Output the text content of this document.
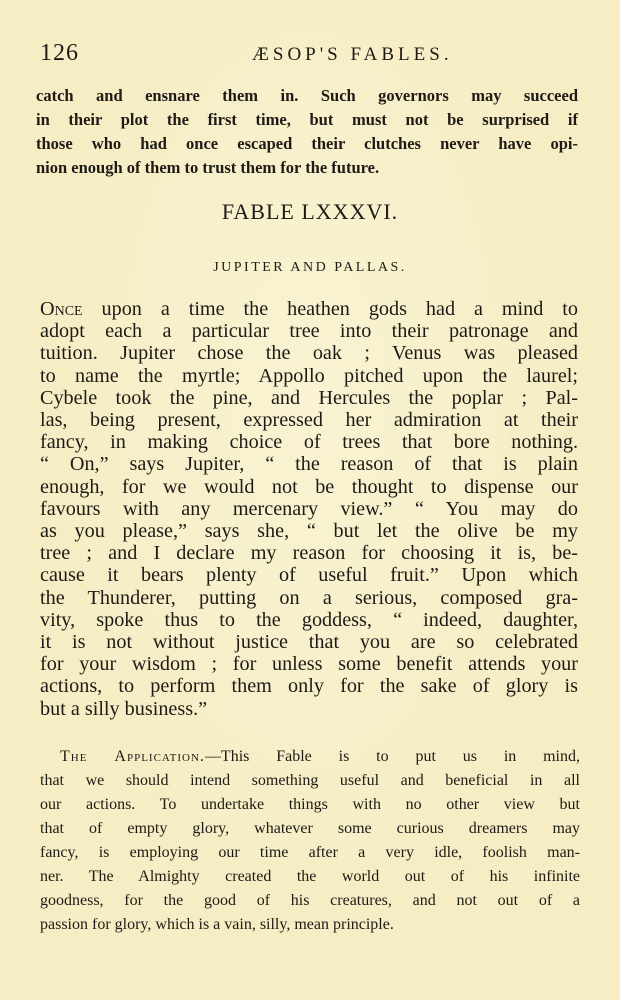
126	ÆSOP'S FABLES.

catch and ensnare them in. Such governors may succeed
in their plot the first time, but must not be surprised if
those who had once escaped their clutches never have opi-
nion enough of them to trust them for the future.

FABLE LXXXVI.
JUPITER AND PALLAS.

Once upon a time the heathen gods had a mind to
adopt each a particular tree into their patronage and
tuition. Jupiter chose the oak ; Venus was pleased
to name the myrtle; Appollo pitched upon the laurel;
Cybele took the pine, and Hercules the poplar ; Pal-
las, being present, expressed her admiration at their
fancy, in making choice of trees that bore nothing.
“ On,” says Jupiter, “ the reason of that is plain
enough, for we would not be thought to dispense our
favours with any mercenary view.” “ You may do
as you please,” says she, “ but let the olive be my
tree ; and I declare my reason for choosing it is, be-
cause it bears plenty of useful fruit.” Upon which
the Thunderer, putting on a serious, composed gra-
vity, spoke thus to the goddess, “ indeed, daughter,
it is not without justice that you are so celebrated
for your wisdom ; for unless some benefit attends your
actions, to perform them only for the sake of glory is
but a silly business.”

The Application.—This Fable is to put us in mind,
that we should intend something useful and beneficial in all
our actions. To undertake things with no other view but
that of empty glory, whatever some curious dreamers may
fancy, is employing our time after a very idle, foolish man-
ner. The Almighty created the world out of his infinite
goodness, for the good of his creatures, and not out of a
passion for glory, which is a vain, silly, mean principle.
